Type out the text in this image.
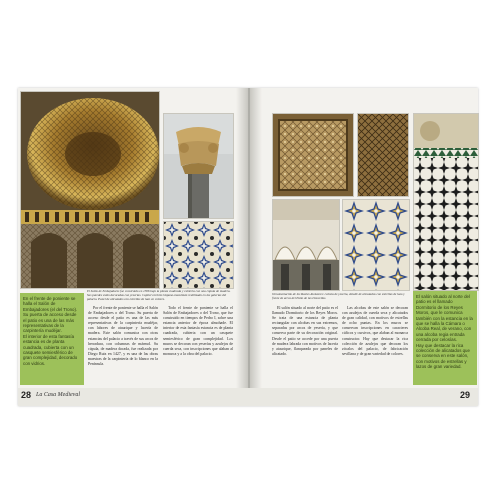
El Salón de Embajadores fue construido en 1366 bajo la planta cuadrada y cubierta con una cúpula de madera. Sus paredes están decoradas con yeserías. Capitel corintio hispano-musulmán reutilizado en las galerías del palacio. Panel de alicatados con estrellas de lazo en colores.
En el frente de poniente se halla el Salón de Embajadores (el del Trono). Su puerta de acceso desde el patio es una de las más representativas de la carpintería mudéjar.
El interior de esta fantasía estancia es de planta cuadrada, cubierta con un casquete semiesférico de gran complejidad, decorado con vidrios.

Por el frente de poniente se halla el Salón de Embajadores o del Trono. Su puerta de acceso desde el patio es una de las más representativas de la carpintería mudéjar, con labores de ataurique y lacería de madera. Este salón comunica con otras estancias del palacio a través de sus arcos de herradura, con columnas de mármol. Su cúpula, de madera dorada, fue realizada por Diego Ruiz en 1427, y es una de las obras maestras de la carpintería de lo blanco en la Península.

Todo el frente de poniente se halla el Salón de Embajadores o del Trono, que fue construido en tiempos de Pedro I, sobre una estancia anterior de época almohade. El interior de esta fantasía estancia es de planta cuadrada, cubierta con un casquete semiesférico de gran complejidad. Los muros se decoran con yeserías y azulejos de cuerda seca, con inscripciones que alaban al monarca y a la obra del palacio.

28 La Casa Medieval
Ornamentación de los Reales Alcázares: celosía de yesería, detalle de alicatados con estrellas de lazo y frente de arcos del Patio de las Doncellas.

El salón situado al norte del patio es el llamado Dormitorio de los Reyes Moros. Se trata de una estancia de planta rectangular con alcobas en sus extremos, separadas por arcos de yesería, y que conserva parte de su decoración original. Desde el patio se accede por una puerta de madera labrada con motivos de lacería y ataurique, flanqueada por paneles de alicatado.

Las alcobas de este salón se decoran con azulejos de cuerda seca y alicatados de gran calidad, con motivos de estrellas de ocho puntas. En los muros se conservan inscripciones en caracteres cúficos y cursivos, que alaban al monarca constructor. Hay que destacar la rica colección de azulejos que decoran los zócalos del palacio, de fabricación sevillana y de gran variedad de colores.

El salón situado al norte del patio es el llamado Dormitorio de los Reyes Moros, que le comunica también con la estancia en la que se halla la Cámara o Alcoba Real, de verano, con una alcoba regia entrada cerrada por celosías.
Hay que destacar la rica colección de alicatados que se conserva en este salón, con motivos de estrellas y lazos de gran variedad.
29
